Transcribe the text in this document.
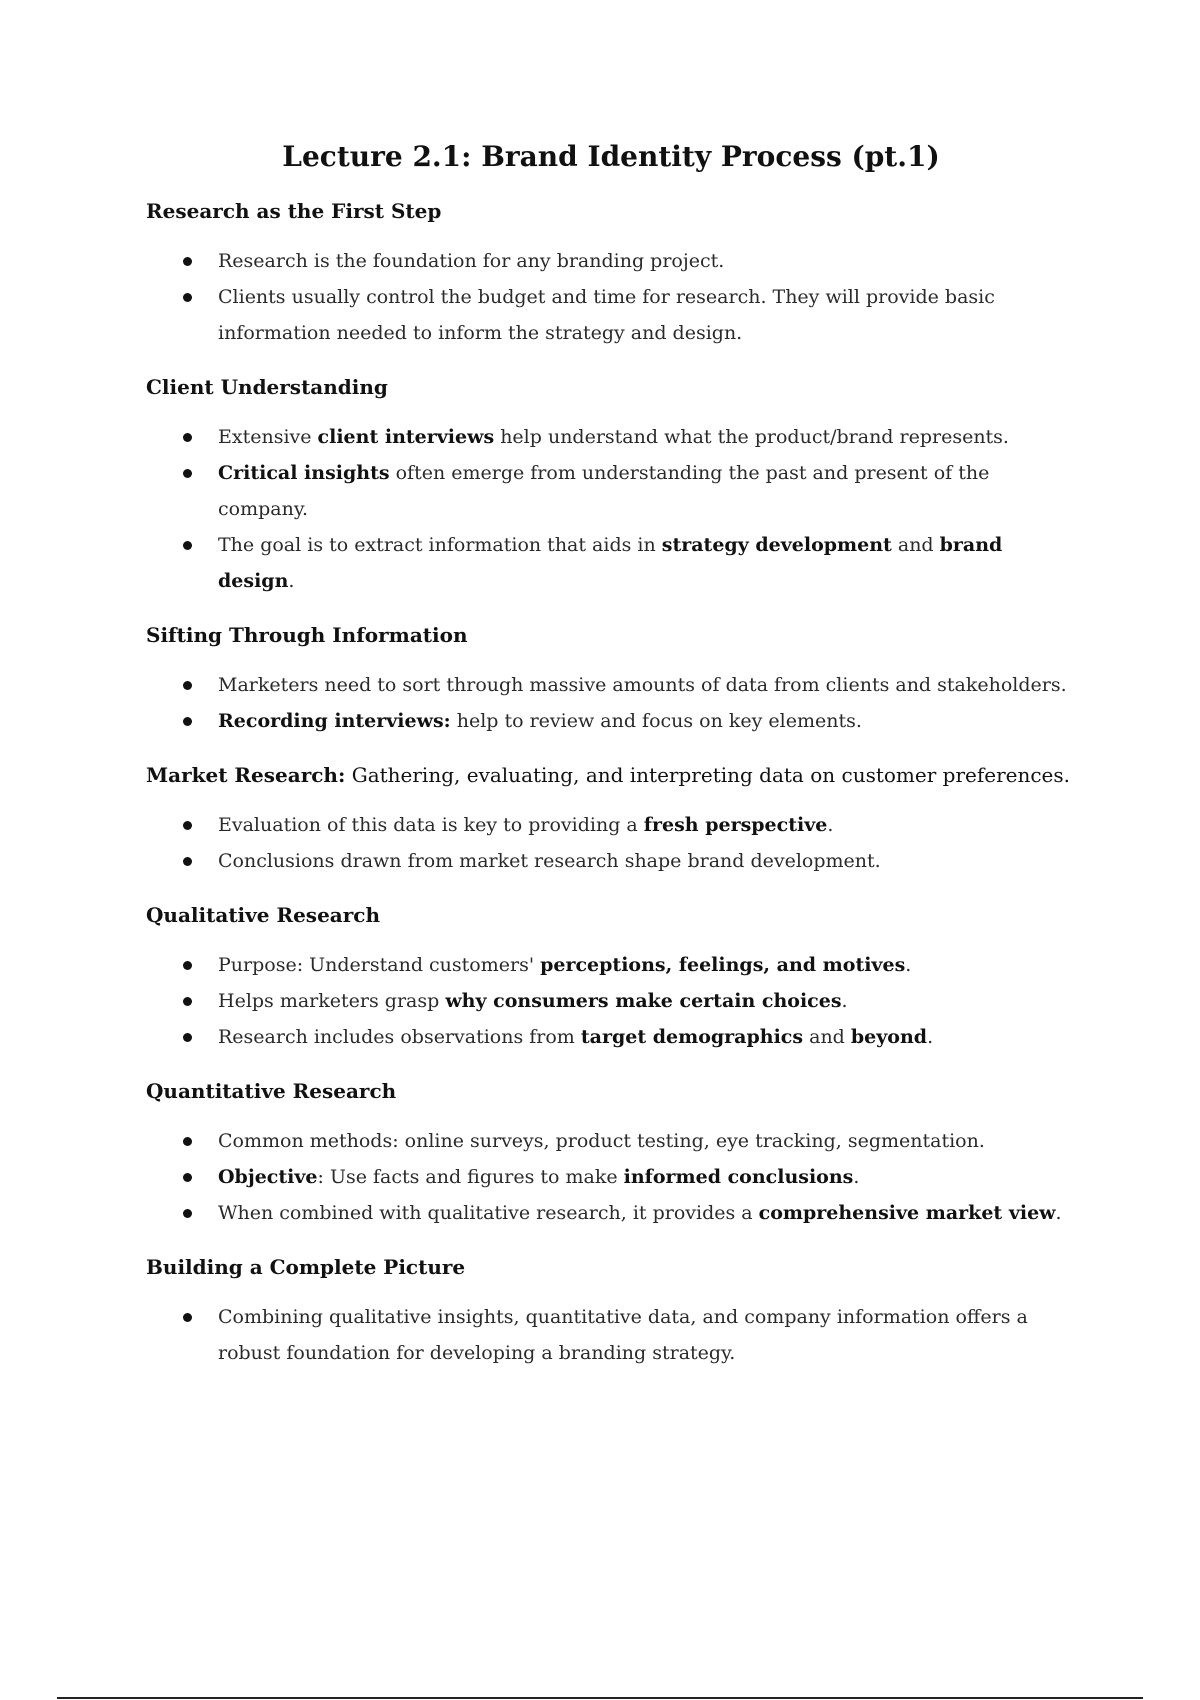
Lecture 2.1: Brand Identity Process (pt.1)
Research as the First Step
Research is the foundation for any branding project.
Clients usually control the budget and time for research. They will provide basic information needed to inform the strategy and design.
Client Understanding
Extensive client interviews help understand what the product/brand represents.
Critical insights often emerge from understanding the past and present of the company.
The goal is to extract information that aids in strategy development and brand design.
Sifting Through Information
Marketers need to sort through massive amounts of data from clients and stakeholders.
Recording interviews: help to review and focus on key elements.
Market Research: Gathering, evaluating, and interpreting data on customer preferences.
Evaluation of this data is key to providing a fresh perspective.
Conclusions drawn from market research shape brand development.
Qualitative Research
Purpose: Understand customers' perceptions, feelings, and motives.
Helps marketers grasp why consumers make certain choices.
Research includes observations from target demographics and beyond.
Quantitative Research
Common methods: online surveys, product testing, eye tracking, segmentation.
Objective: Use facts and figures to make informed conclusions.
When combined with qualitative research, it provides a comprehensive market view.
Building a Complete Picture
Combining qualitative insights, quantitative data, and company information offers a robust foundation for developing a branding strategy.
